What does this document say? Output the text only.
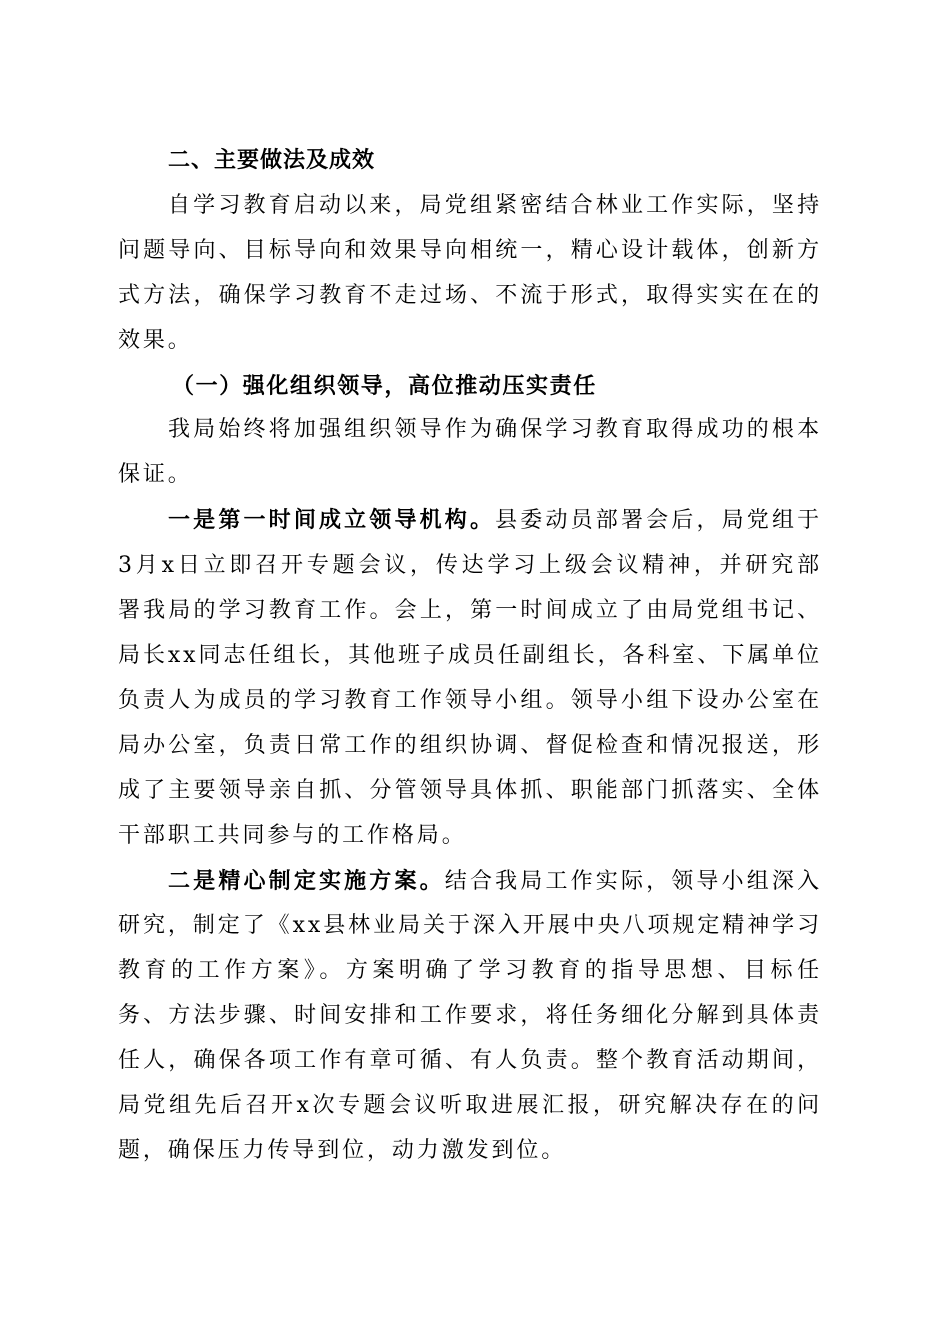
二、主要做法及成效

自学习教育启动以来，局党组紧密结合林业工作实际，坚持问题导向、目标导向和效果导向相统一，精心设计载体，创新方式方法，确保学习教育不走过场、不流于形式，取得实实在在的效果。

（一）强化组织领导，高位推动压实责任

我局始终将加强组织领导作为确保学习教育取得成功的根本保证。

一是第一时间成立领导机构。县委动员部署会后，局党组于3月x日立即召开专题会议，传达学习上级会议精神，并研究部署我局的学习教育工作。会上，第一时间成立了由局党组书记、局长xx同志任组长，其他班子成员任副组长，各科室、下属单位负责人为成员的学习教育工作领导小组。领导小组下设办公室在局办公室，负责日常工作的组织协调、督促检查和情况报送，形成了主要领导亲自抓、分管领导具体抓、职能部门抓落实、全体干部职工共同参与的工作格局。

二是精心制定实施方案。结合我局工作实际，领导小组深入研究，制定了《xx县林业局关于深入开展中央八项规定精神学习教育的工作方案》。方案明确了学习教育的指导思想、目标任务、方法步骤、时间安排和工作要求，将任务细化分解到具体责任人，确保各项工作有章可循、有人负责。整个教育活动期间，局党组先后召开x次专题会议听取进展汇报，研究解决存在的问题，确保压力传导到位，动力激发到位。
